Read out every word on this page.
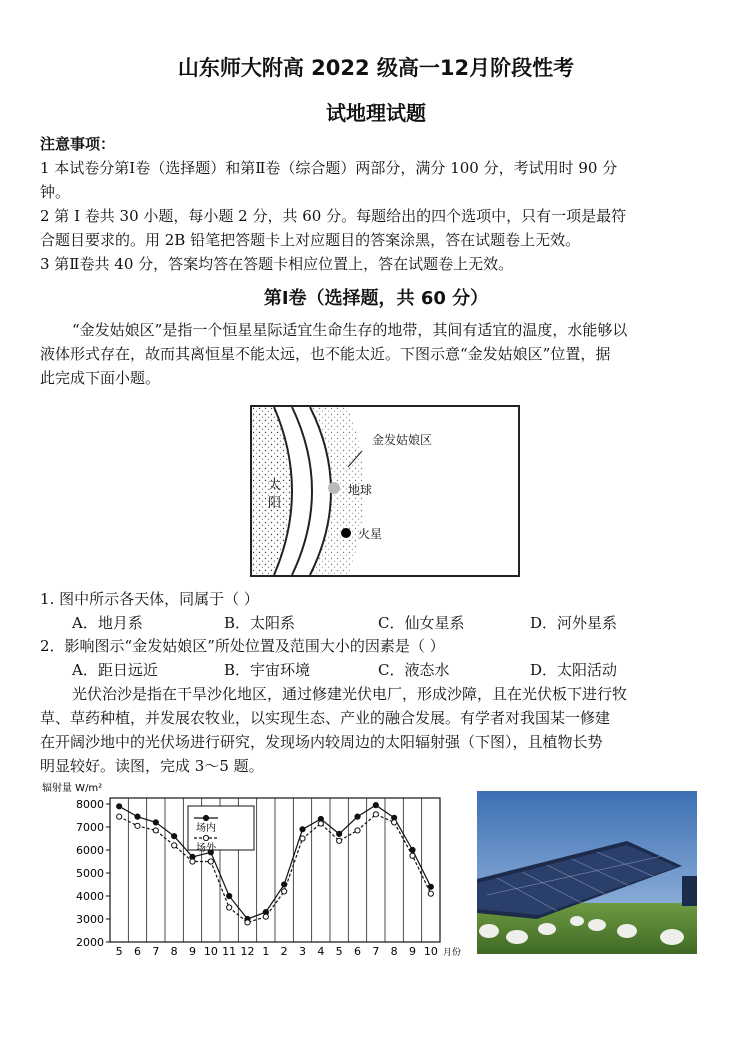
山东师大附高 2022 级高一12月阶段性考
试地理试题
注意事项：
1 本试卷分第Ⅰ卷（选择题）和第Ⅱ卷（综合题）两部分，满分 100 分，考试用时 90 分
钟。
2 第 Ⅰ 卷共 30 小题，每小题 2 分，共 60 分。每题给出的四个选项中，只有一项是最符
合题目要求的。用 2B 铅笔把答题卡上对应题目的答案涂黑，答在试题卷上无效。
3 第Ⅱ卷共 40 分，答案均答在答题卡相应位置上，答在试题卷上无效。
第Ⅰ卷（选择题，共 60 分）
“金发姑娘区”是指一个恒星星际适宜生命生存的地带，其间有适宜的温度，水能够以
液体形式存在，故而其离恒星不能太远，也不能太近。下图示意“金发姑娘区”位置，据
此完成下面小题。
太阳
金发姑娘区
地球
火星
1. 图中所示各天体，同属于（ ）
A．地月系	B．太阳系	C．仙女星系	D．河外星系
2．影响图示“金发姑娘区”所处位置及范围大小的因素是（ ）
A．距日远近	B．宇宙环境	C．液态水	D．太阳活动
光伏治沙是指在干旱沙化地区，通过修建光伏电厂，形成沙障，且在光伏板下进行牧
草、草药种植，并发展农牧业，以实现生态、产业的融合发展。有学者对我国某一修建
在开阔沙地中的光伏场进行研究，发现场内较周边的太阳辐射强（下图），且植物长势
明显较好。读图，完成 3～5 题。
2000
3000
4000
5000
6000
7000
8000
辐射量 W/m²
5 6 7 8 9 10 11 12 1 2 3 4 5 6 7 8 9 10 月份
场内
场外
